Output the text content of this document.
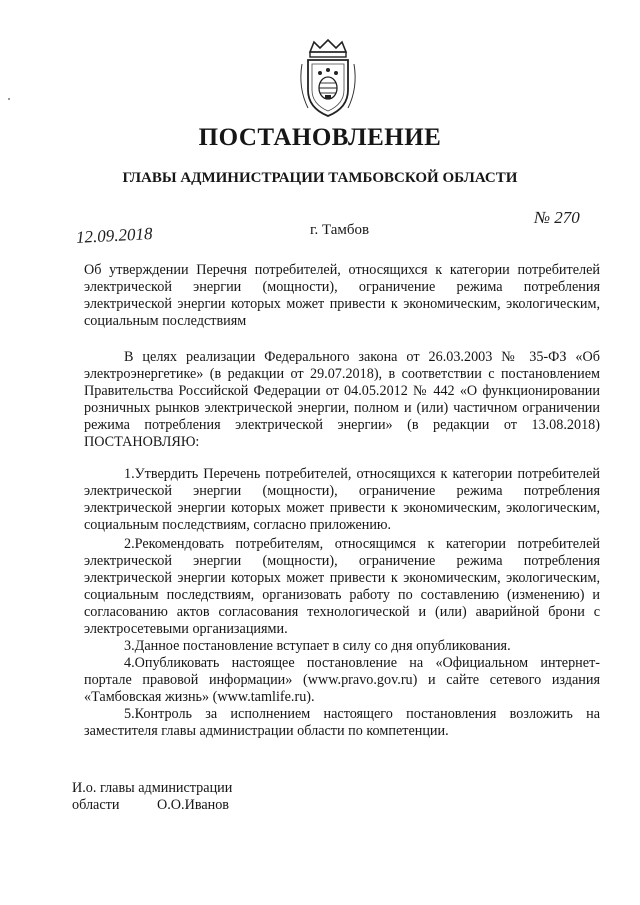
ПОСТАНОВЛЕНИЕ
ГЛАВЫ АДМИНИСТРАЦИИ ТАМБОВСКОЙ ОБЛАСТИ
12.09.2018	г. Тамбов
№ 270
Об утверждении Перечня потребителей, относящихся к категории потребителей электрической энергии (мощности), ограничение режима потребления электрической энергии которых может привести к экономическим, экологическим, социальным последствиям
В целях реализации Федерального закона от 26.03.2003 № 35-ФЗ «Об электроэнергетике» (в редакции от 29.07.2018), в соответствии с постановлением Правительства Российской Федерации от 04.05.2012 № 442 «О функционировании розничных рынков электрической энергии, полном и (или) частичном ограничении режима потребления электрической энергии» (в редакции от 13.08.2018) ПОСТАНОВЛЯЮ:

1.Утвердить Перечень потребителей, относящихся к категории потребителей электрической энергии (мощности), ограничение режима потребления электрической энергии которых может привести к экономическим, экологическим, социальным последствиям, согласно приложению.

2.Рекомендовать потребителям, относящимся к категории потребителей электрической энергии (мощности), ограничение режима потребления электрической энергии которых может привести к экономическим, экологическим, социальным последствиям, организовать работу по составлению (изменению) и согласованию актов согласования технологической и (или) аварийной брони с электросетевыми организациями.

3.Данное постановление вступает в силу со дня опубликования.

4.Опубликовать настоящее постановление на «Официальном интернет-портале правовой информации» (www.pravo.gov.ru) и сайте сетевого издания «Тамбовская жизнь» (www.tamlife.ru).

5.Контроль за исполнением настоящего постановления возложить на заместителя главы администрации области по компетенции.

И.о. главы администрации
области	О.О.Иванов
